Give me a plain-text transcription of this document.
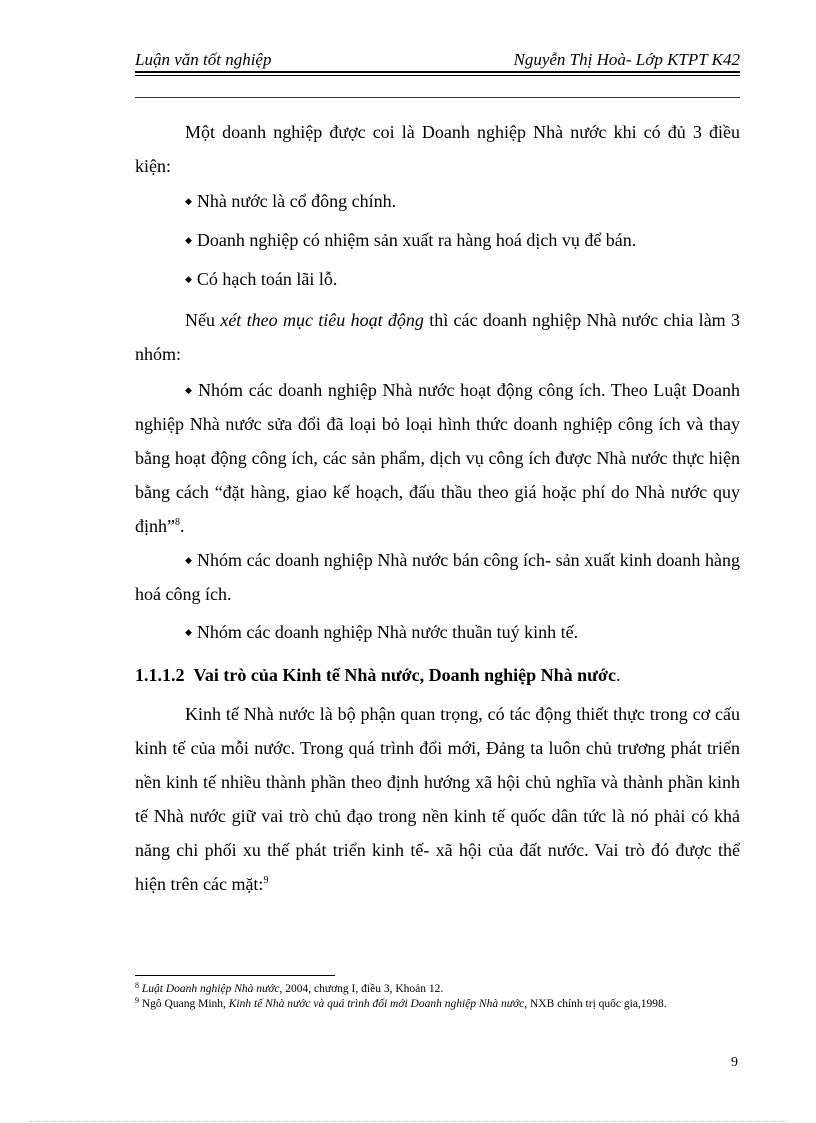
Luận văn tốt nghiệp	Nguyễn Thị Hoà- Lớp KTPT K42

Một doanh nghiệp được coi là Doanh nghiệp Nhà nước khi có đủ 3 điều kiện:

◆ Nhà nước là cổ đông chính.

◆ Doanh nghiệp có nhiệm sản xuất ra hàng hoá dịch vụ để bán.

◆ Có hạch toán lãi lỗ.

Nếu xét theo mục tiêu hoạt động thì các doanh nghiệp Nhà nước chia làm 3 nhóm:

◆ Nhóm các doanh nghiệp Nhà nước hoạt động công ích. Theo Luật Doanh nghiệp Nhà nước sửa đổi đã loại bỏ loại hình thức doanh nghiệp công ích và thay bằng hoạt động công ích, các sản phẩm, dịch vụ công ích được Nhà nước thực hiện bằng cách “đặt hàng, giao kế hoạch, đấu thầu theo giá hoặc phí do Nhà nước quy định”$^8$.

◆ Nhóm các doanh nghiệp Nhà nước bán công ích- sản xuất kinh doanh hàng hoá công ích.

◆ Nhóm các doanh nghiệp Nhà nước thuần tuý kinh tế.

1.1.1.2 Vai trò của Kinh tế Nhà nước, Doanh nghiệp Nhà nước.

Kinh tế Nhà nước là bộ phận quan trọng, có tác động thiết thực trong cơ cấu kinh tế của mỗi nước. Trong quá trình đổi mới, Đảng ta luôn chủ trương phát triển nền kinh tế nhiều thành phần theo định hướng xã hội chủ nghĩa và thành phần kinh tế Nhà nước giữ vai trò chủ đạo trong nền kinh tế quốc dân tức là nó phải có khả năng chi phối xu thế phát triển kinh tế- xã hội của đất nước. Vai trò đó được thể hiện trên các mặt:$^9$

$^8$ Luật Doanh nghiệp Nhà nước, 2004, chương I, điều 3, Khoản 12.

$^9$ Ngô Quang Minh, Kinh tế Nhà nước và quá trình đổi mới Doanh nghiệp Nhà nước, NXB chính trị quốc gia,1998.

9
